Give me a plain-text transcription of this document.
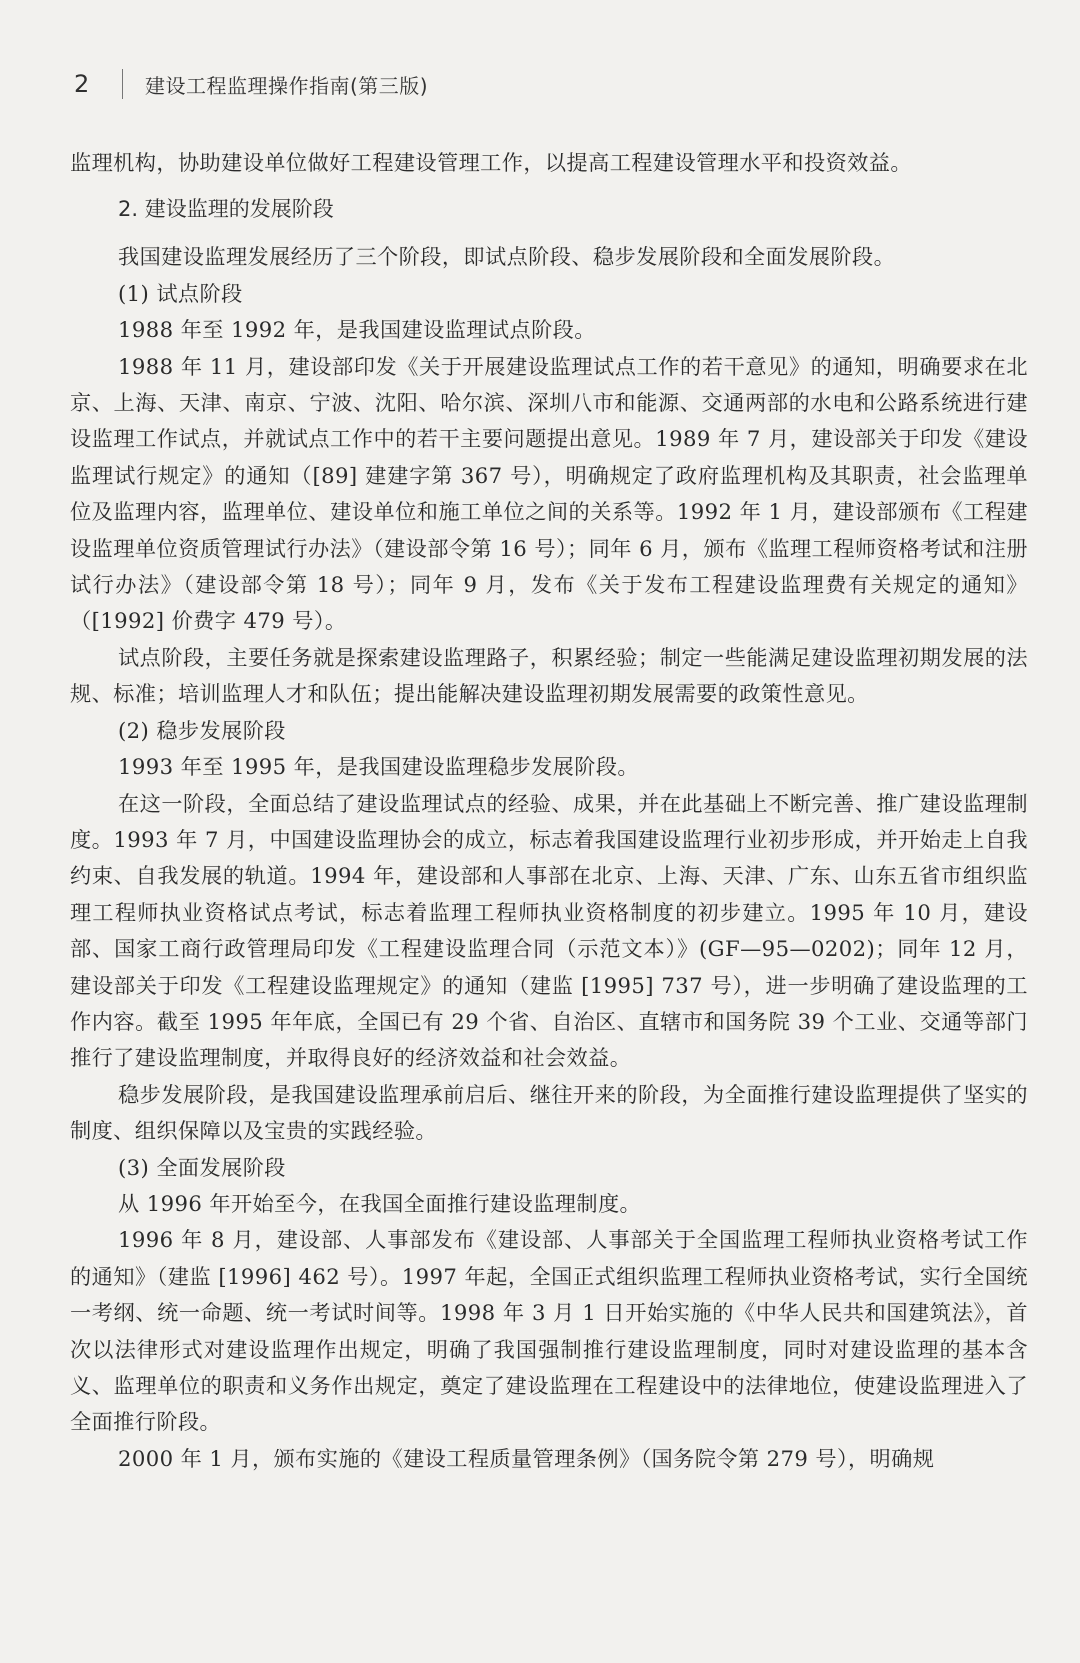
2	建设工程监理操作指南(第三版)

监理机构，协助建设单位做好工程建设管理工作，以提高工程建设管理水平和投资效益。

2. 建设监理的发展阶段

我国建设监理发展经历了三个阶段，即试点阶段、稳步发展阶段和全面发展阶段。

(1) 试点阶段

1988 年至 1992 年，是我国建设监理试点阶段。

1988 年 11 月，建设部印发《关于开展建设监理试点工作的若干意见》的通知，明确要求在北京、上海、天津、南京、宁波、沈阳、哈尔滨、深圳八市和能源、交通两部的水电和公路系统进行建设监理工作试点，并就试点工作中的若干主要问题提出意见。1989 年 7 月，建设部关于印发《建设监理试行规定》的通知（[89] 建建字第 367 号），明确规定了政府监理机构及其职责，社会监理单位及监理内容，监理单位、建设单位和施工单位之间的关系等。1992 年 1 月，建设部颁布《工程建设监理单位资质管理试行办法》（建设部令第 16 号）；同年 6 月，颁布《监理工程师资格考试和注册试行办法》（建设部令第 18 号）；同年 9 月，发布《关于发布工程建设监理费有关规定的通知》（[1992] 价费字 479 号）。

试点阶段，主要任务就是探索建设监理路子，积累经验；制定一些能满足建设监理初期发展的法规、标准；培训监理人才和队伍；提出能解决建设监理初期发展需要的政策性意见。

(2) 稳步发展阶段

1993 年至 1995 年，是我国建设监理稳步发展阶段。

在这一阶段，全面总结了建设监理试点的经验、成果，并在此基础上不断完善、推广建设监理制度。1993 年 7 月，中国建设监理协会的成立，标志着我国建设监理行业初步形成，并开始走上自我约束、自我发展的轨道。1994 年，建设部和人事部在北京、上海、天津、广东、山东五省市组织监理工程师执业资格试点考试，标志着监理工程师执业资格制度的初步建立。1995 年 10 月，建设部、国家工商行政管理局印发《工程建设监理合同（示范文本）》(GF—95—0202)；同年 12 月，建设部关于印发《工程建设监理规定》的通知（建监 [1995] 737 号），进一步明确了建设监理的工作内容。截至 1995 年年底，全国已有 29 个省、自治区、直辖市和国务院 39 个工业、交通等部门推行了建设监理制度，并取得良好的经济效益和社会效益。

稳步发展阶段，是我国建设监理承前启后、继往开来的阶段，为全面推行建设监理提供了坚实的制度、组织保障以及宝贵的实践经验。

(3) 全面发展阶段

从 1996 年开始至今，在我国全面推行建设监理制度。

1996 年 8 月，建设部、人事部发布《建设部、人事部关于全国监理工程师执业资格考试工作的通知》（建监 [1996] 462 号）。1997 年起，全国正式组织监理工程师执业资格考试，实行全国统一考纲、统一命题、统一考试时间等。1998 年 3 月 1 日开始实施的《中华人民共和国建筑法》，首次以法律形式对建设监理作出规定，明确了我国强制推行建设监理制度，同时对建设监理的基本含义、监理单位的职责和义务作出规定，奠定了建设监理在工程建设中的法律地位，使建设监理进入了全面推行阶段。

2000 年 1 月，颁布实施的《建设工程质量管理条例》（国务院令第 279 号），明确规
